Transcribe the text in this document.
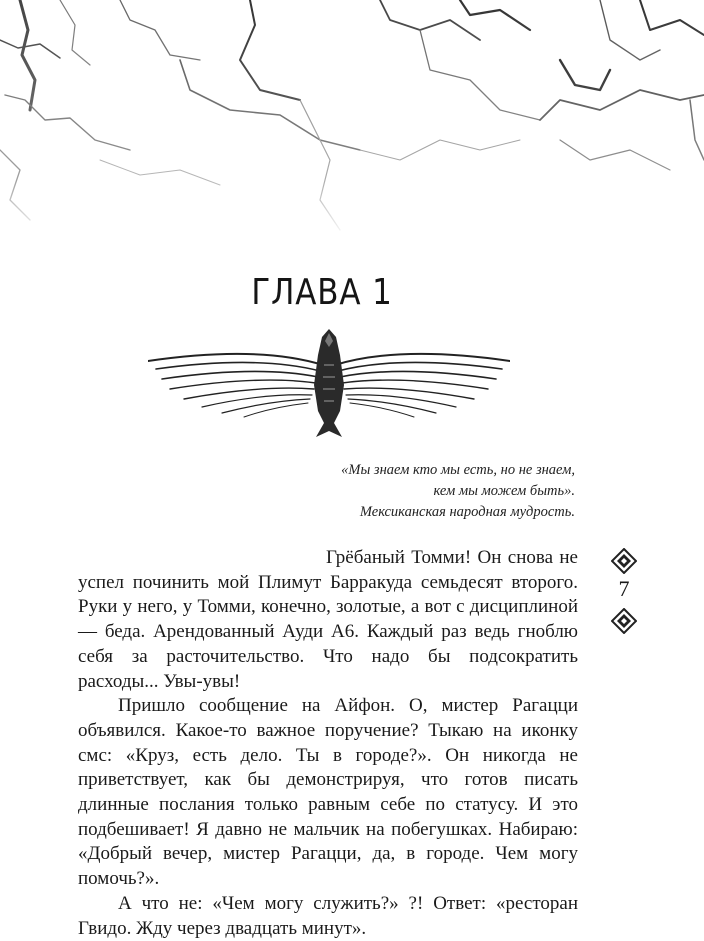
ГЛАВА 1
«Мы знаем кто мы есть, но не знаем,
кем мы можем быть».
Мексиканская народная мудрость.

Грёбаный Томми! Он снова не успел починить мой Плимут Барракуда семьдесят второго. Руки у него, у Томми, конечно, золотые, а вот с дисциплиной — беда. Арендованный Ауди А6. Каждый раз ведь гноблю себя за расточительство. Что надо бы подсократить расходы... Увы-увы!

Пришло сообщение на Айфон. О, мистер Рагацци объявился. Какое-то важное поручение? Тыкаю на иконку смс: «Круз, есть дело. Ты в городе?». Он никогда не приветствует, как бы демонстрируя, что готов писать длинные послания только равным себе по статусу. И это подбешивает! Я давно не мальчик на побегушках. Набираю: «Добрый вечер, мистер Рагацци, да, в городе. Чем могу помочь?».

А что не: «Чем могу служить?» ?! Ответ: «ресторан Гвидо. Жду через двадцать минут».

7
